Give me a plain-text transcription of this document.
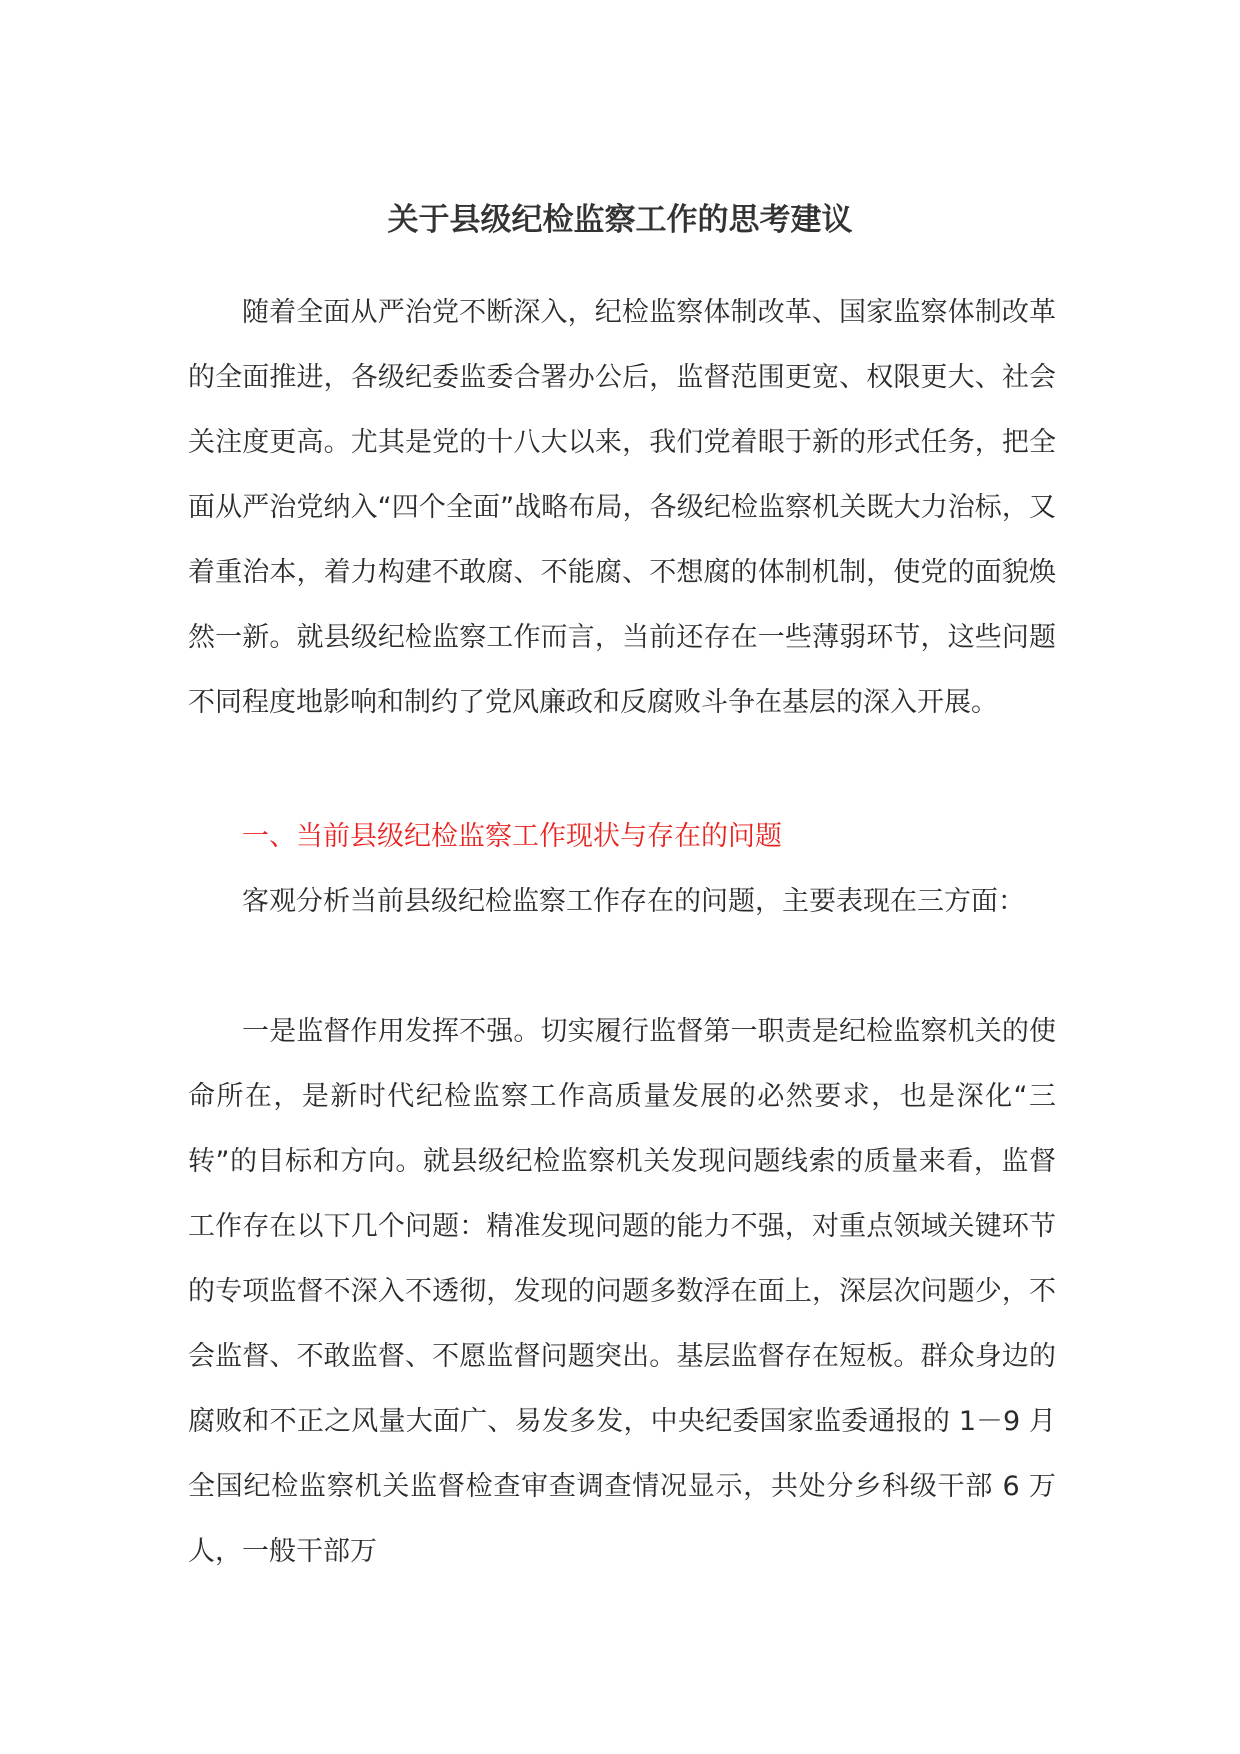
关于县级纪检监察工作的思考建议

随着全面从严治党不断深入，纪检监察体制改革、国家监察体制改革的全面推进，各级纪委监委合署办公后，监督范围更宽、权限更大、社会关注度更高。尤其是党的十八大以来，我们党着眼于新的形式任务，把全面从严治党纳入“四个全面”战略布局，各级纪检监察机关既大力治标，又着重治本，着力构建不敢腐、不能腐、不想腐的体制机制，使党的面貌焕然一新。就县级纪检监察工作而言，当前还存在一些薄弱环节，这些问题不同程度地影响和制约了党风廉政和反腐败斗争在基层的深入开展。

一、当前县级纪检监察工作现状与存在的问题

客观分析当前县级纪检监察工作存在的问题，主要表现在三方面：

一是监督作用发挥不强。切实履行监督第一职责是纪检监察机关的使命所在，是新时代纪检监察工作高质量发展的必然要求，也是深化“三转”的目标和方向。就县级纪检监察机关发现问题线索的质量来看，监督工作存在以下几个问题：精准发现问题的能力不强，对重点领域关键环节的专项监督不深入不透彻，发现的问题多数浮在面上，深层次问题少，不会监督、不敢监督、不愿监督问题突出。基层监督存在短板。群众身边的腐败和不正之风量大面广、易发多发，中央纪委国家监委通报的 1－9 月全国纪检监察机关监督检查审查调查情况显示，共处分乡科级干部 6 万人，一般干部万
